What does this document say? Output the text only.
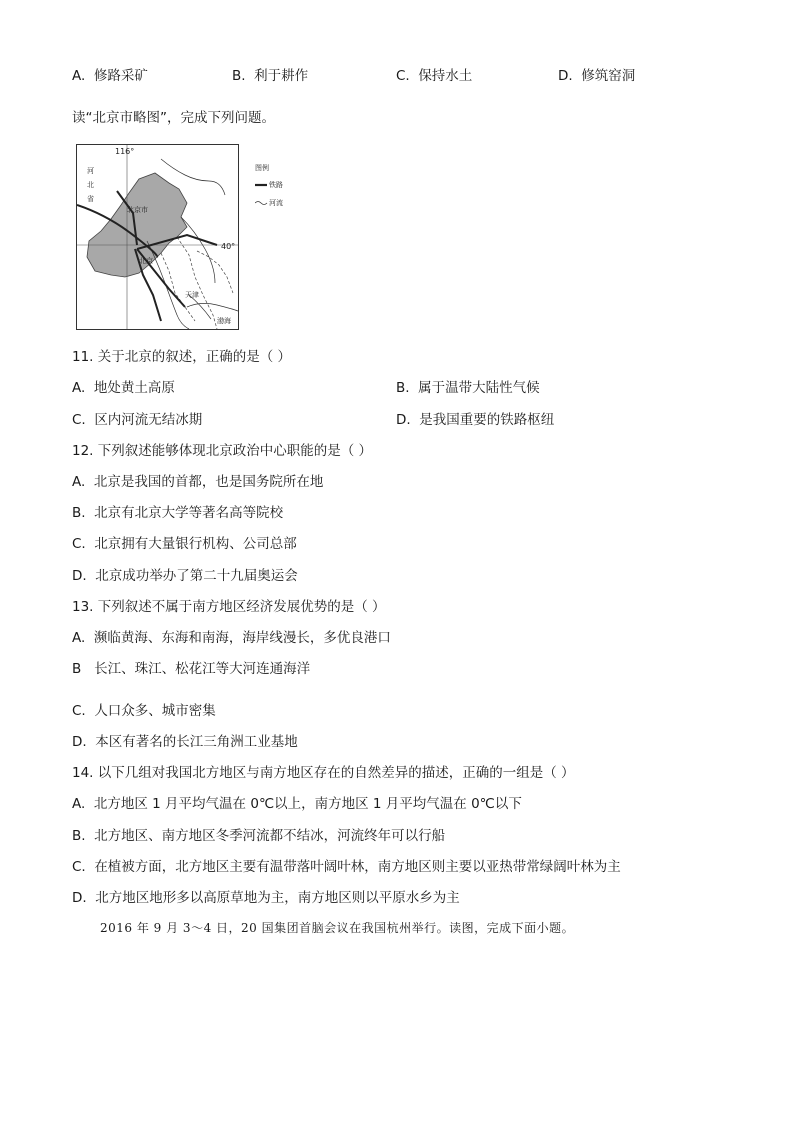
A. 修路采矿	B. 利于耕作	C. 保持水土	D. 修筑窑洞
读“北京市略图”，完成下列问题。
116°
40°
河
北
省
北京市
北京
天津
渤海
图例
铁路
河流
11. 关于北京的叙述，正确的是（ ）
A. 地处黄土高原	B. 属于温带大陆性气候
C. 区内河流无结冰期	D. 是我国重要的铁路枢纽
12. 下列叙述能够体现北京政治中心职能的是（ ）
A. 北京是我国的首都，也是国务院所在地
B. 北京有北京大学等著名高等院校
C. 北京拥有大量银行机构、公司总部
D. 北京成功举办了第二十九届奥运会
13. 下列叙述不属于南方地区经济发展优势的是（ ）
A. 濒临黄海、东海和南海，海岸线漫长，多优良港口
B 长江、珠江、松花江等大河连通海洋
C. 人口众多、城市密集
D. 本区有著名的长江三角洲工业基地
14. 以下几组对我国北方地区与南方地区存在的自然差异的描述，正确的一组是（ ）
A. 北方地区 1 月平均气温在 0℃以上，南方地区 1 月平均气温在 0℃以下
B. 北方地区、南方地区冬季河流都不结冰，河流终年可以行船
C. 在植被方面，北方地区主要有温带落叶阔叶林，南方地区则主要以亚热带常绿阔叶林为主
D. 北方地区地形多以高原草地为主，南方地区则以平原水乡为主
2016 年 9 月 3～4 日，20 国集团首脑会议在我国杭州举行。读图，完成下面小题。
